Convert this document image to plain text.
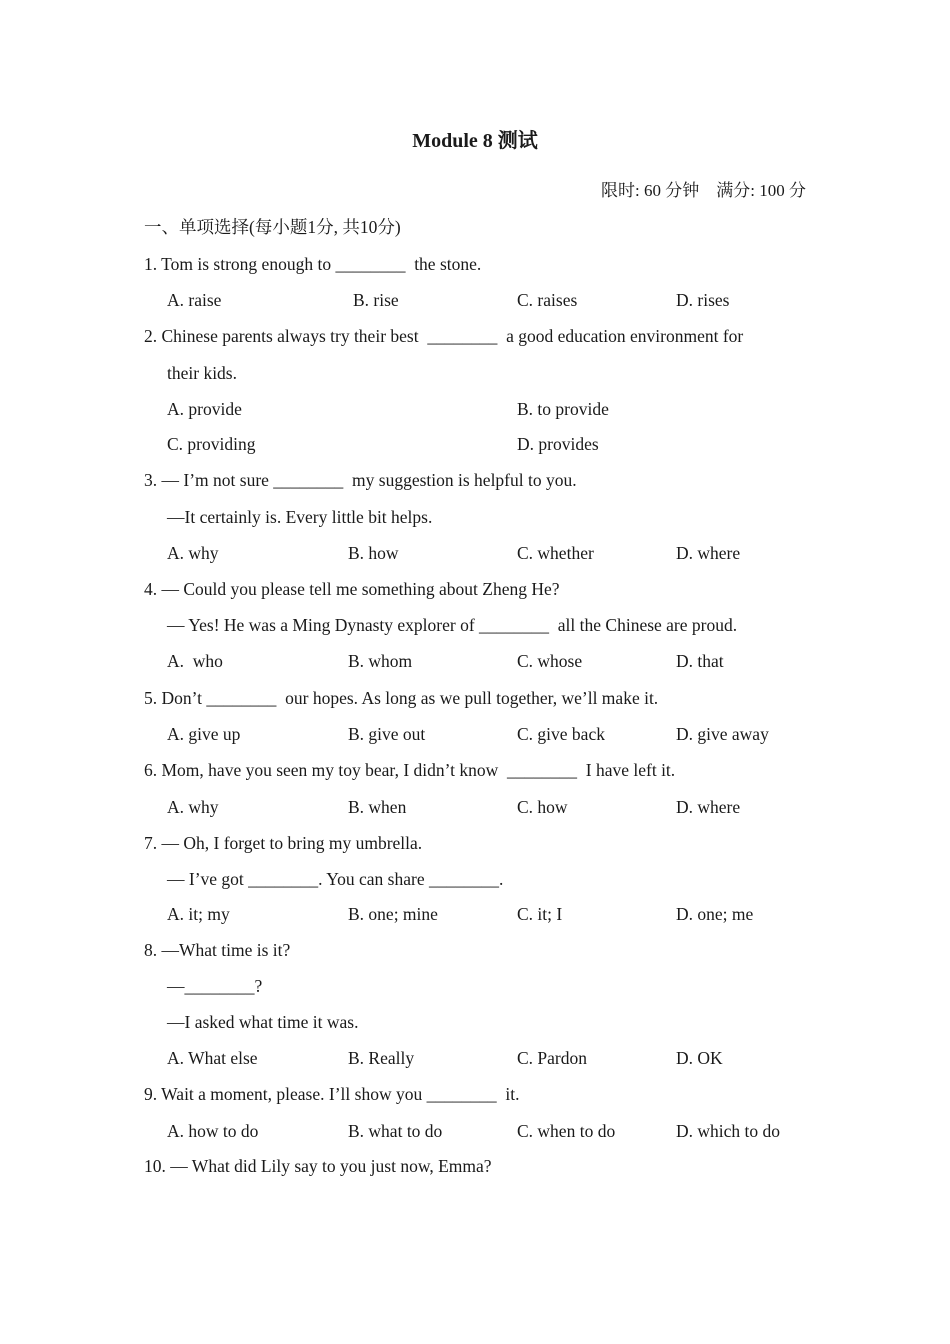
Module 8 测试
限时: 60 分钟    满分: 100 分
一、单项选择(每小题1分, 共10分)
1. Tom is strong enough to ________  the stone.
A. raise	B. rise	C. raises	D. rises
2. Chinese parents always try their best  ________  a good education environment for
their kids.
A. provide	B. to provide
C. providing	D. provides
3. — I’m not sure ________  my suggestion is helpful to you.
—It certainly is. Every little bit helps.
A. why	B. how	C. whether	D. where
4. — Could you please tell me something about Zheng He?
— Yes! He was a Ming Dynasty explorer of ________  all the Chinese are proud.
A.  who	B. whom	C. whose	D. that
5. Don’t ________  our hopes. As long as we pull together, we’ll make it.
A. give up	B. give out	C. give back	D. give away
6. Mom, have you seen my toy bear, I didn’t know  ________  I have left it.
A. why	B. when	C. how	D. where
7. — Oh, I forget to bring my umbrella.
— I’ve got ________. You can share ________.
A. it; my	B. one; mine	C. it; I	D. one; me
8. —What time is it?
—________?
—I asked what time it was.
A. What else	B. Really	C. Pardon	D. OK
9. Wait a moment, please. I’ll show you ________  it.
A. how to do	B. what to do	C. when to do	D. which to do
10. — What did Lily say to you just now, Emma?
